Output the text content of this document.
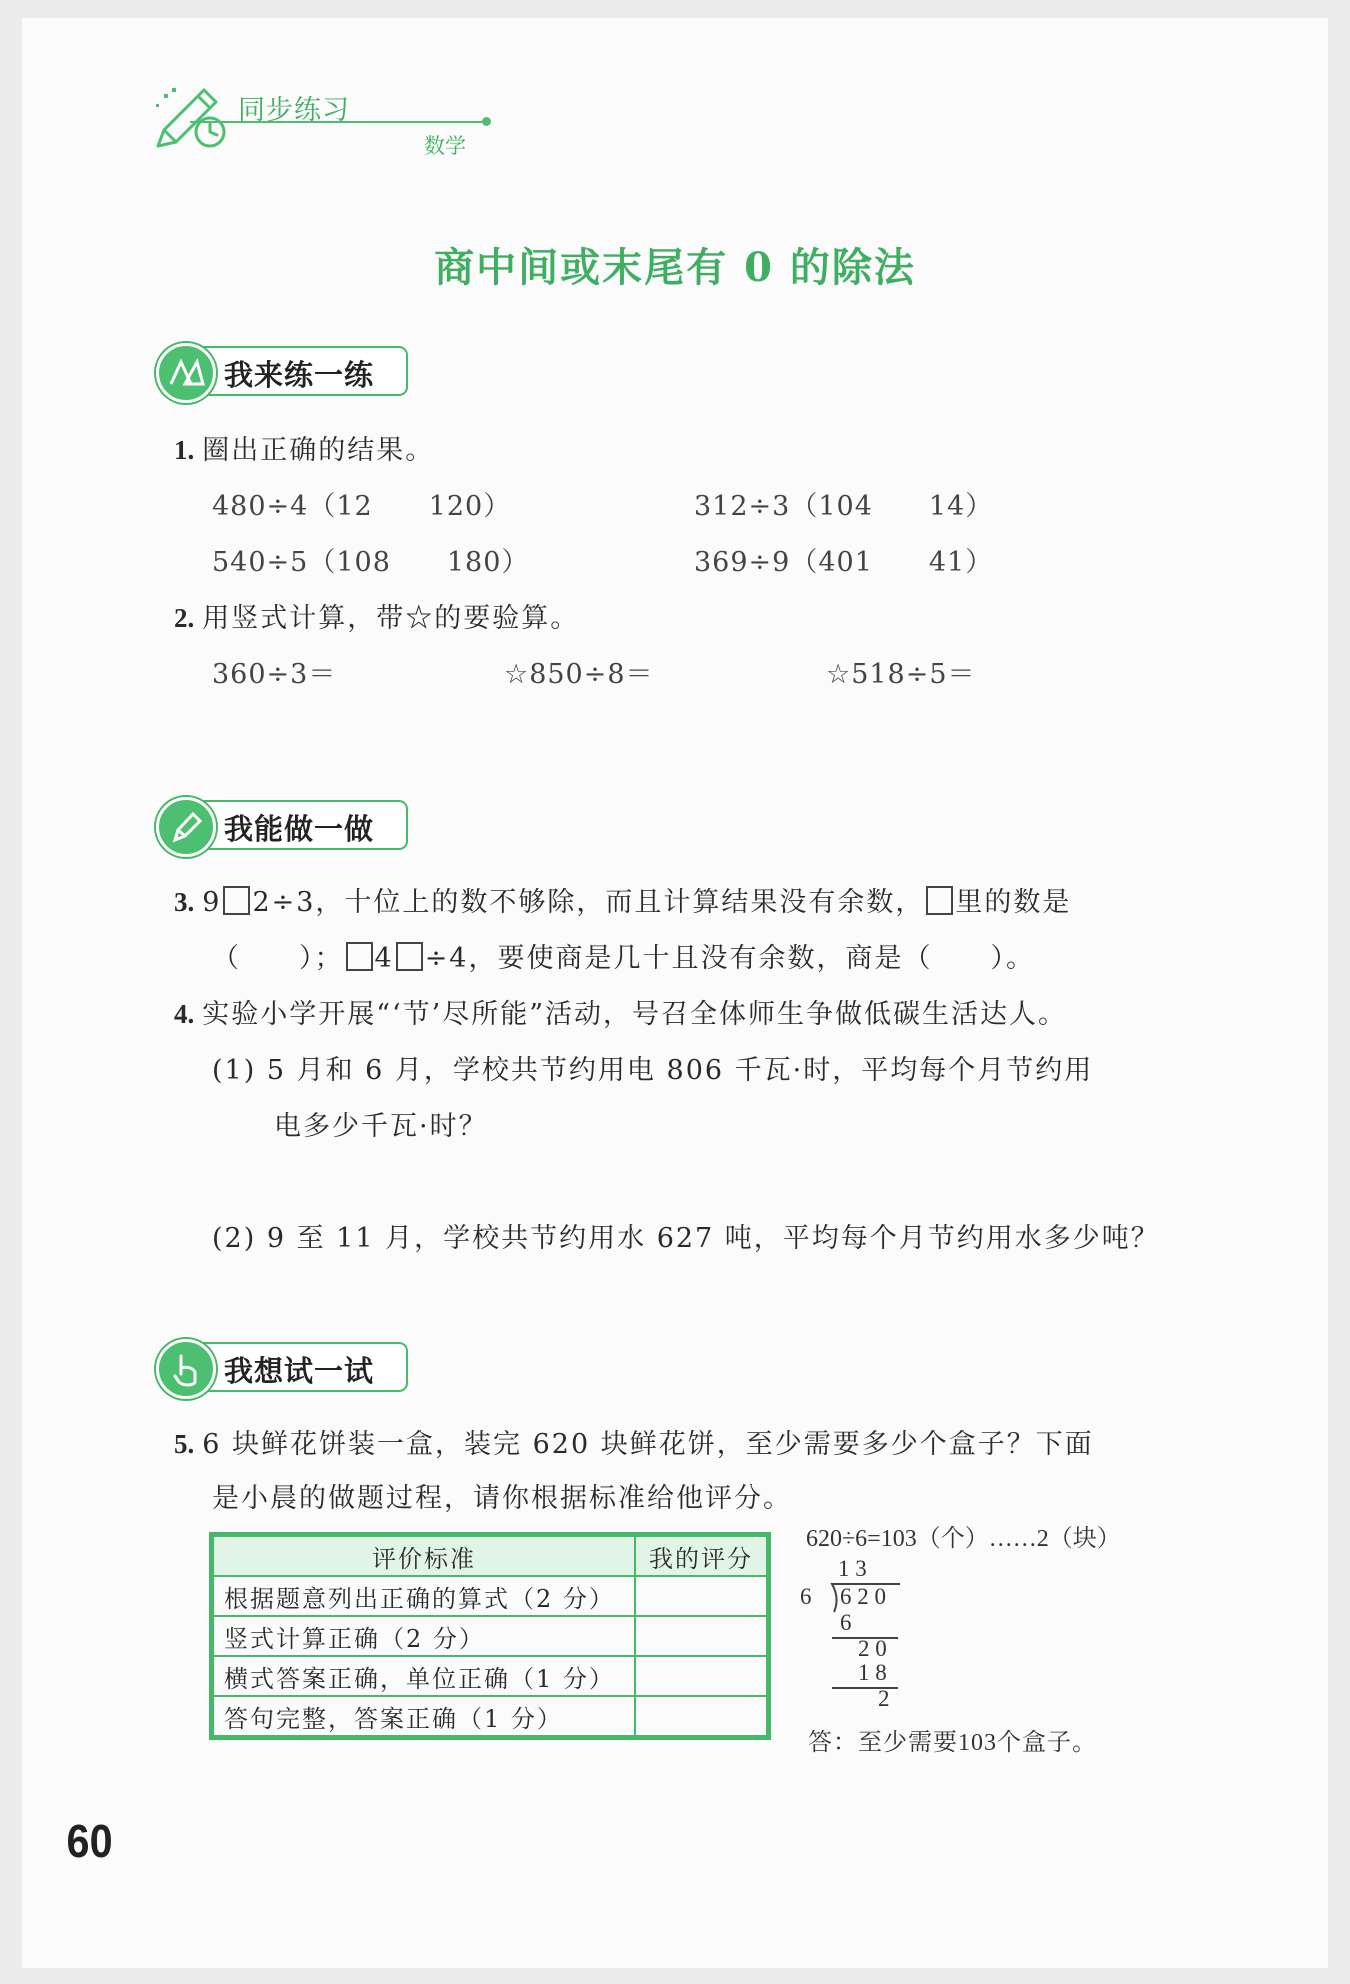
同步练习
数学
商中间或末尾有 0 的除法
我来练一练
1. 圈出正确的结果。
480÷4（12　　120）	312÷3（104　　14）
540÷5（108　　180）	369÷9（401　　41）
2. 用竖式计算，带☆的要验算。
360÷3＝	☆850÷8＝	☆518÷5＝
我能做一做
3. 9 2÷3，十位上的数不够除，而且计算结果没有余数， 里的数是
（　　）； 4 ÷4，要使商是几十且没有余数，商是（　　）。
4. 实验小学开展“‘节’尽所能”活动，号召全体师生争做低碳生活达人。
(1) 5 月和 6 月，学校共节约用电 806 千瓦·时，平均每个月节约用
电多少千瓦·时？
(2) 9 至 11 月，学校共节约用水 627 吨，平均每个月节约用水多少吨？
我想试一试
5. 6 块鲜花饼装一盒，装完 620 块鲜花饼，至少需要多少个盒子？下面
是小晨的做题过程，请你根据标准给他评分。
评价标准	我的评分
根据题意列出正确的算式（2 分）	
竖式计算正确（2 分）	
横式答案正确，单位正确（1 分）	
答句完整，答案正确（1 分）	
620÷6=103（个）……2（块）
1 3
6 6 2 0
6
2 0
1 8
2
答：至少需要103个盒子。
60
